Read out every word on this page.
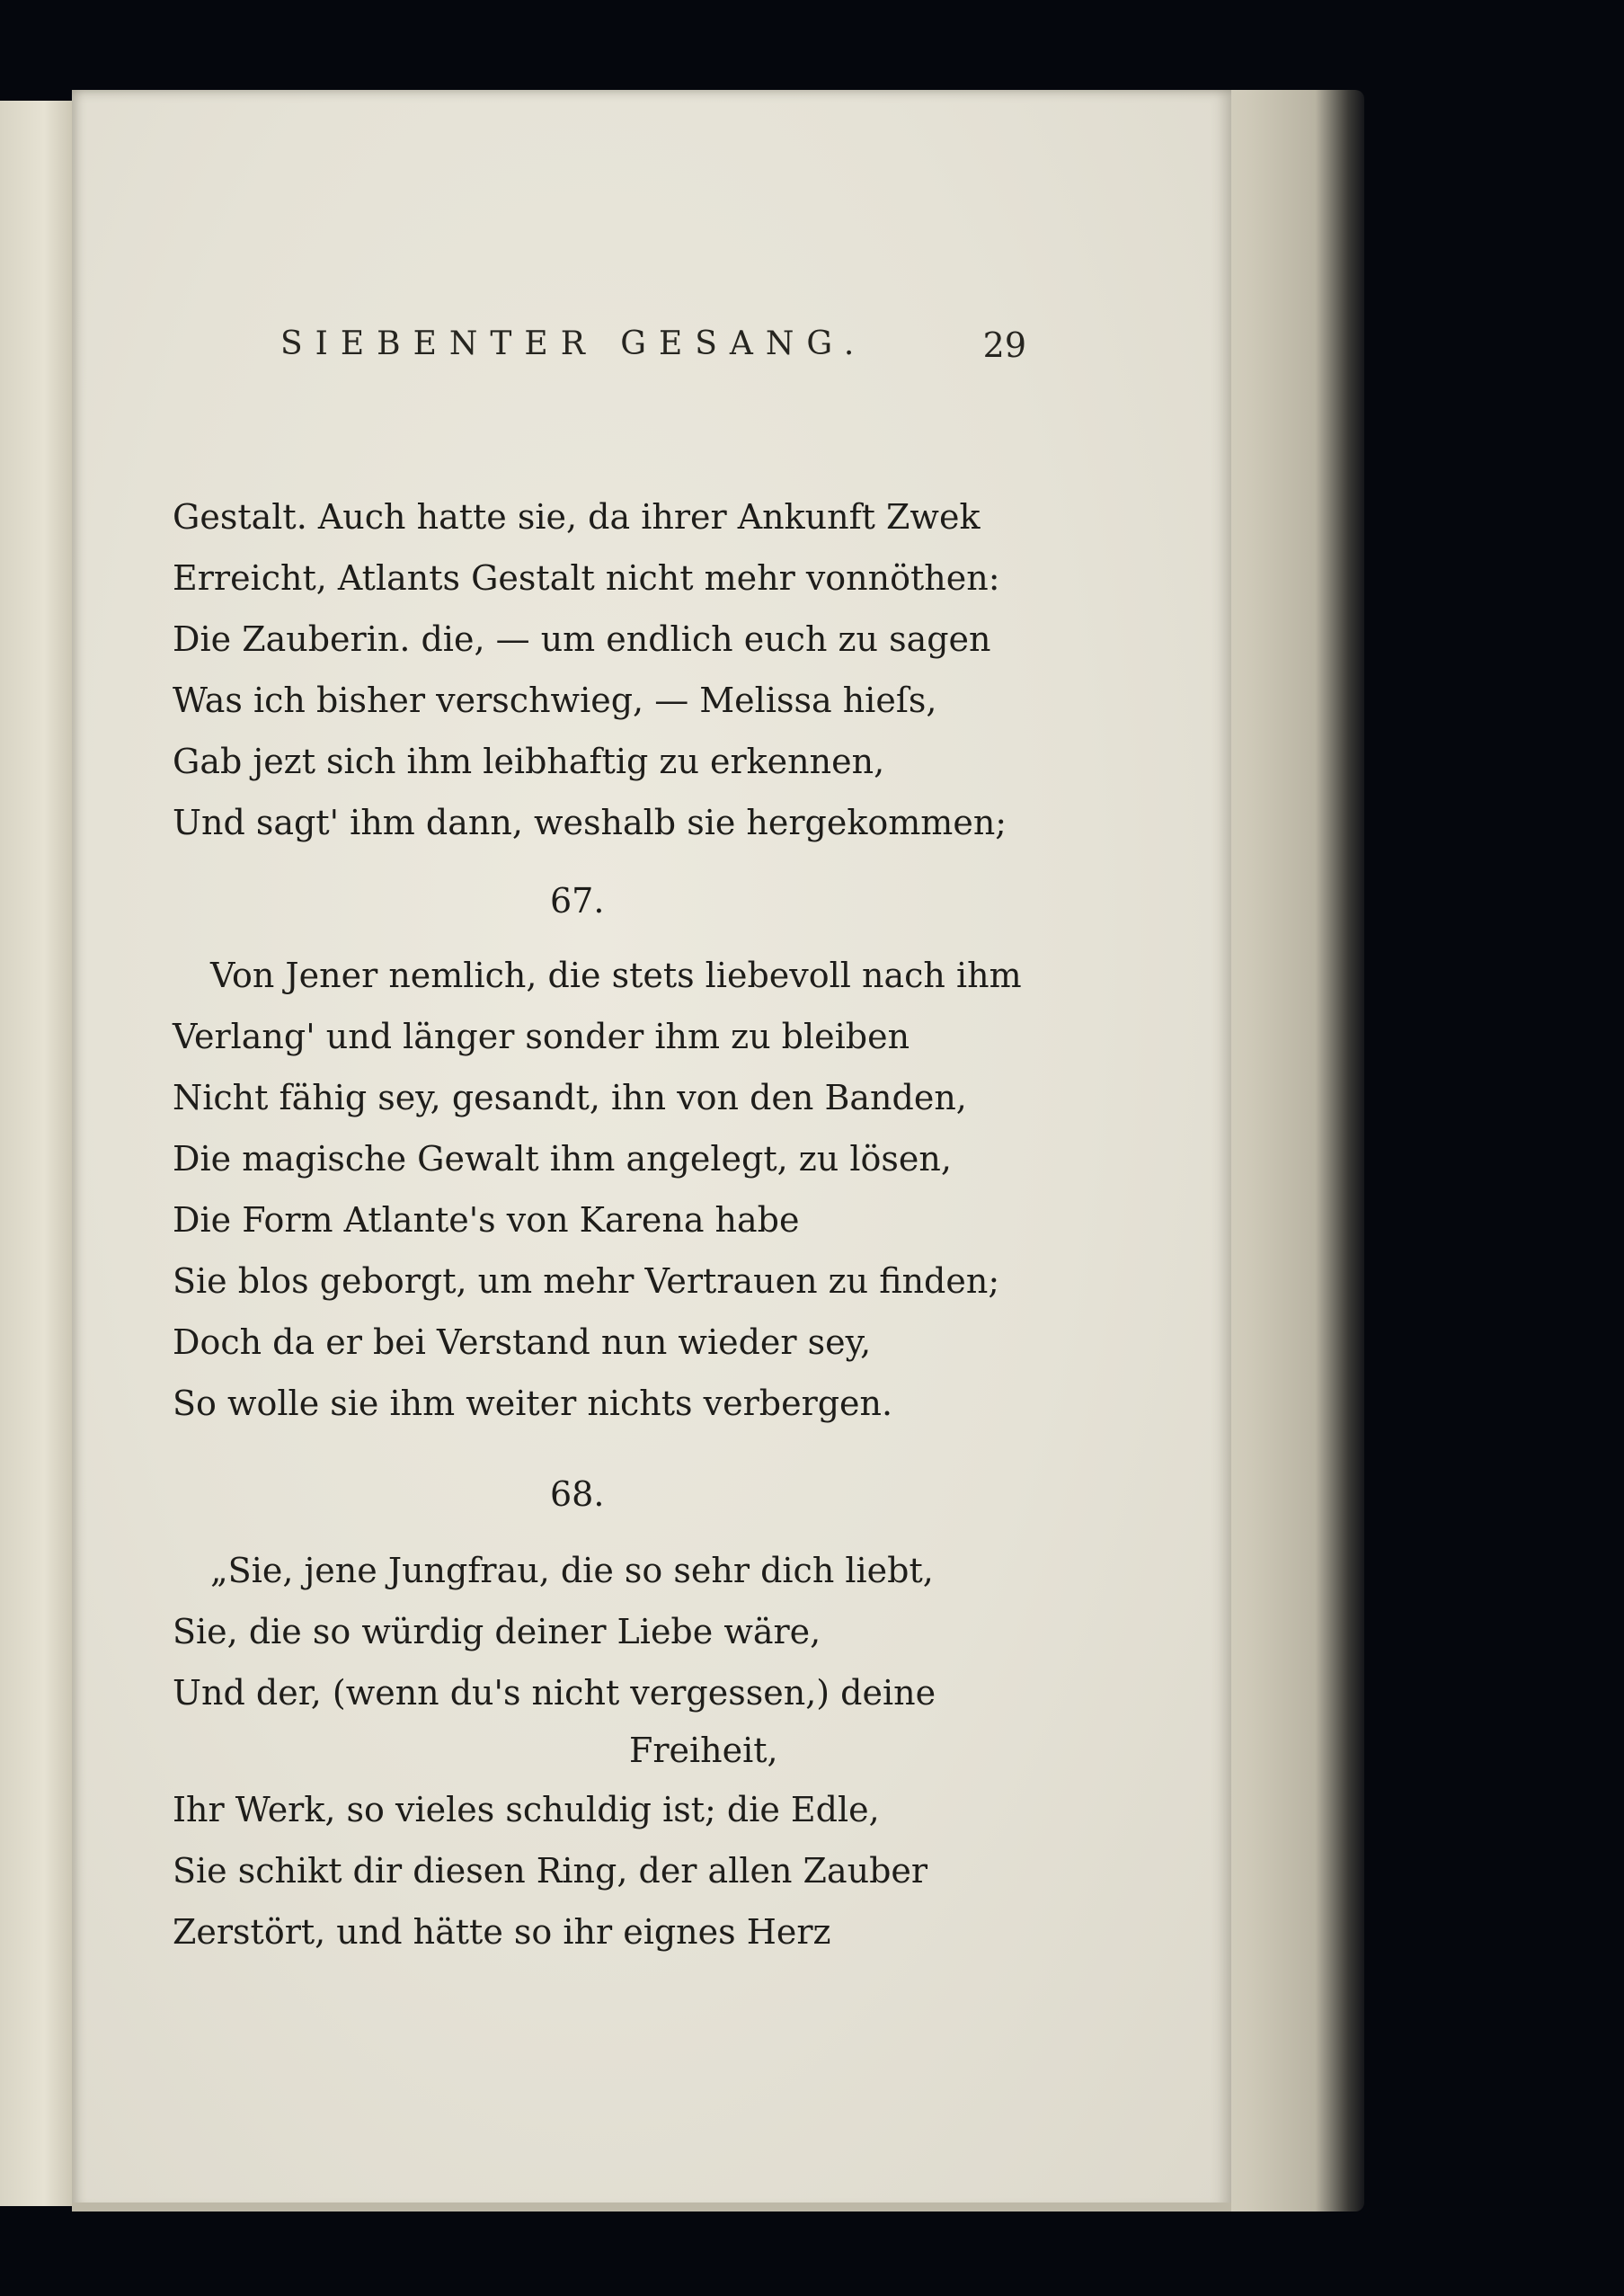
SIEBENTER GESANG.	29
Gestalt. Auch hatte sie, da ihrer Ankunft Zwek
Erreicht, Atlants Gestalt nicht mehr vonnöthen:
Die Zauberin. die, — um endlich euch zu sagen
Was ich bisher verschwieg, — Melissa hieſs,
Gab jezt sich ihm leibhaftig zu erkennen,
Und sagt' ihm dann, weshalb sie hergekommen;
67.
Von Jener nemlich, die stets liebevoll nach ihm
Verlang' und länger sonder ihm zu bleiben
Nicht fähig sey, gesandt, ihn von den Banden,
Die magische Gewalt ihm angelegt, zu lösen,
Die Form Atlante's von Karena habe
Sie blos geborgt, um mehr Vertrauen zu finden;
Doch da er bei Verstand nun wieder sey,
So wolle sie ihm weiter nichts verbergen.
68.
„Sie, jene Jungfrau, die so sehr dich liebt,
Sie, die so würdig deiner Liebe wäre,
Und der, (wenn du's nicht vergessen,) deine
Freiheit,
Ihr Werk, so vieles schuldig ist; die Edle,
Sie schikt dir diesen Ring, der allen Zauber
Zerstört, und hätte so ihr eignes Herz
